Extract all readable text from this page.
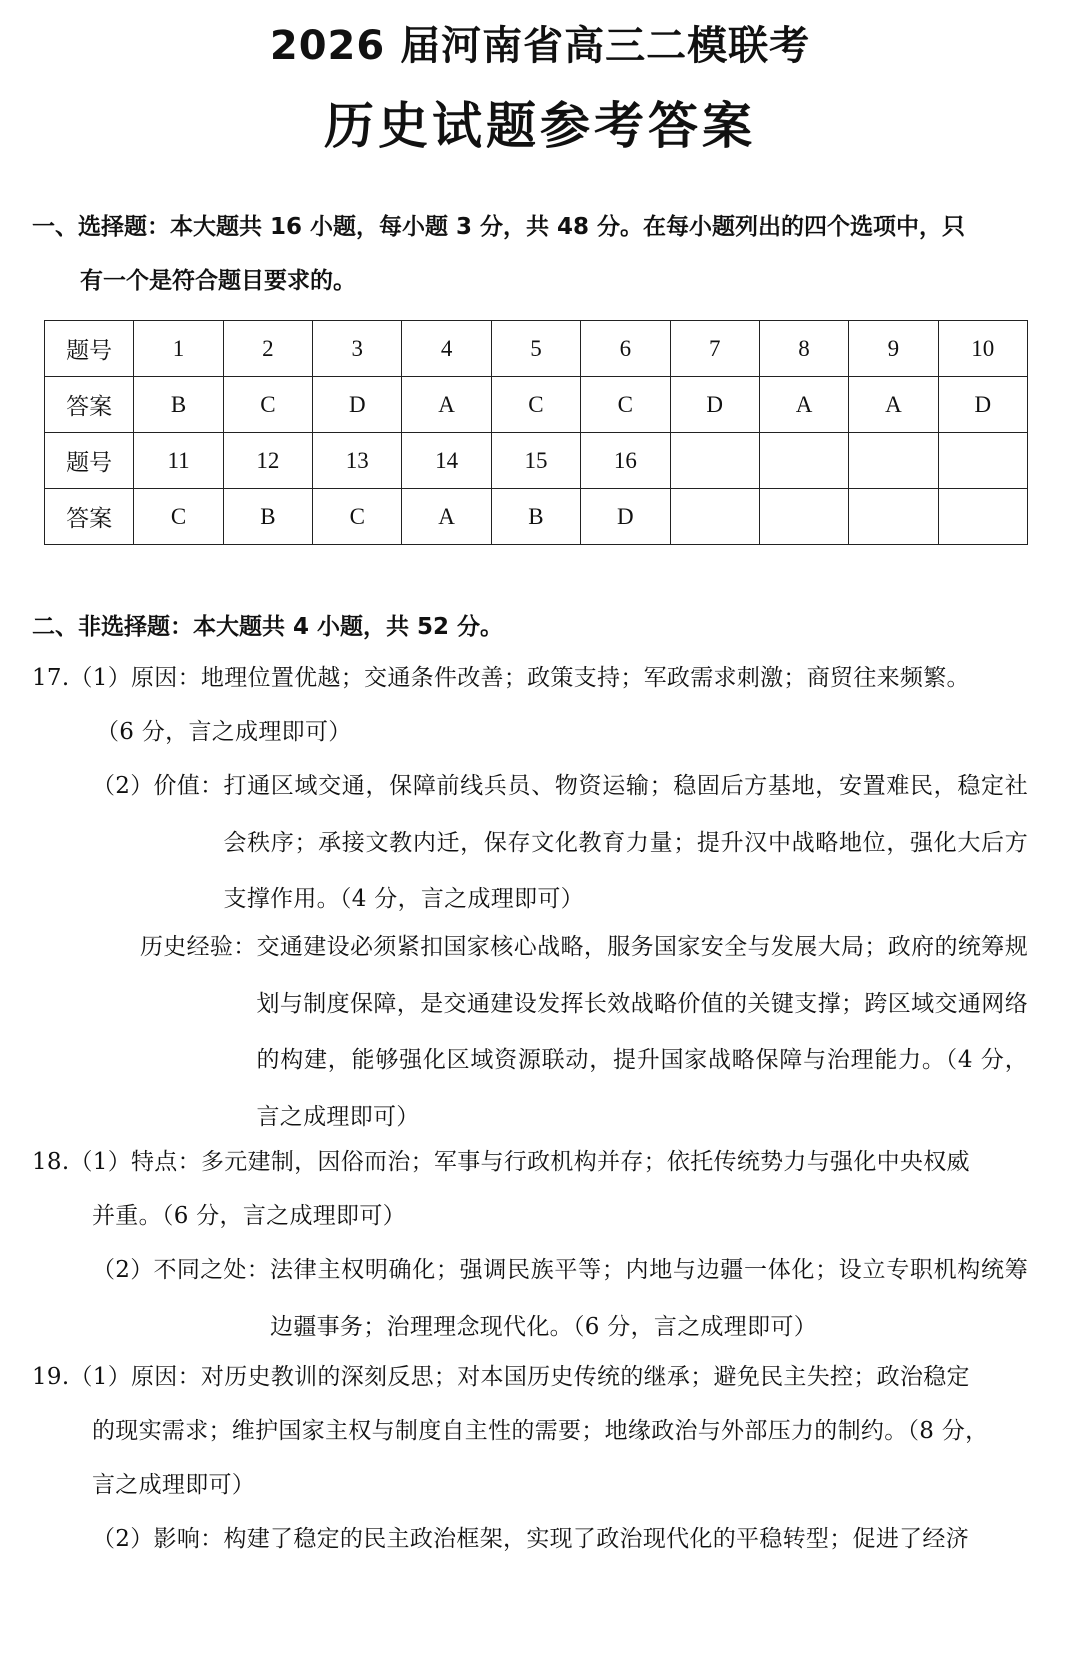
2026 届河南省高三二模联考
历史试题参考答案

一、选择题：本大题共 16 小题，每小题 3 分，共 48 分。在每小题列出的四个选项中，只

有一个是符合题目要求的。

题号	1	2	3	4	5	6	7	8	9	10
答案	B	C	D	A	C	C	D	A	A	D
题号	11	12	13	14	15	16				
答案	C	B	C	A	B	D				

二、非选择题：本大题共 4 小题，共 52 分。

17.（1）原因： 地理位置优越；交通条件改善；政策支持；军政需求刺激；商贸往来频繁。
（6 分，言之成理即可）
（2）价值： 打通区域交通，保障前线兵员、物资运输；稳固后方基地，安置难民，稳定社会秩序；承接文教内迁，保存文化教育力量；提升汉中战略地位，强化大后方支撑作用。（4 分，言之成理即可）
历史经验： 交通建设必须紧扣国家核心战略，服务国家安全与发展大局；政府的统筹规划与制度保障，是交通建设发挥长效战略价值的关键支撑；跨区域交通网络的构建，能够强化区域资源联动，提升国家战略保障与治理能力。（4 分，言之成理即可）
18.（1）特点： 多元建制，因俗而治；军事与行政机构并存；依托传统势力与强化中央权威
并重。（6 分，言之成理即可）
（2）不同之处： 法律主权明确化；强调民族平等；内地与边疆一体化；设立专职机构统筹边疆事务；治理理念现代化。（6 分，言之成理即可）
19.（1）原因： 对历史教训的深刻反思；对本国历史传统的继承；避免民主失控；政治稳定
的现实需求；维护国家主权与制度自主性的需要；地缘政治与外部压力的制约。（8 分，
言之成理即可）
（2）影响： 构建了稳定的民主政治框架，实现了政治现代化的平稳转型；促进了经济
